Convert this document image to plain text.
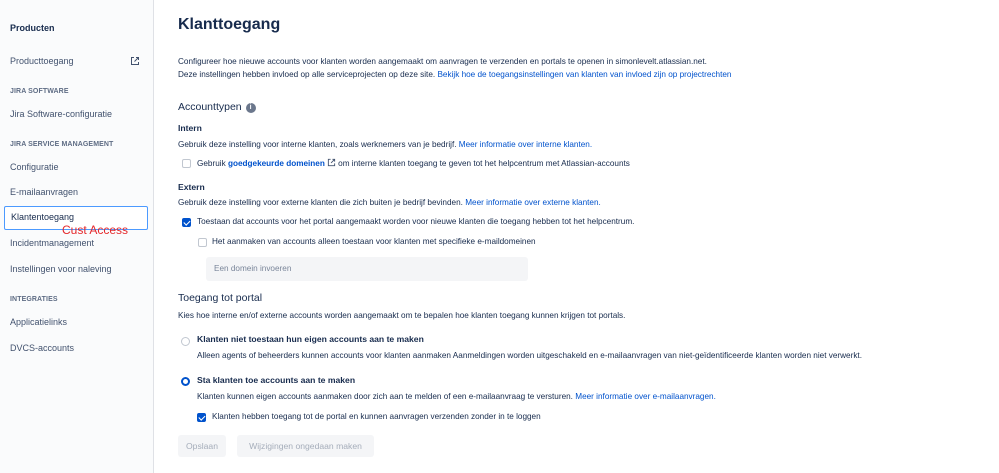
Producten
Producttoegang
JIRA SOFTWARE
Jira Software-configuratie
JIRA SERVICE MANAGEMENT
Configuratie
E-mailaanvragen
Klantentoegang
Incidentmanagement
Instellingen voor naleving
INTEGRATIES
Applicatielinks
DVCS-accounts
Cust Access
Klanttoegang
Configureer hoe nieuwe accounts voor klanten worden aangemaakt om aanvragen te verzenden en portals te openen in simonlevelt.atlassian.net.
Deze instellingen hebben invloed op alle serviceprojecten op deze site. Bekijk hoe de toegangsinstellingen van klanten van invloed zijn op projectrechten
Accounttypen i
Intern
Gebruik deze instelling voor interne klanten, zoals werknemers van je bedrijf. Meer informatie over interne klanten.
Gebruik goedgekeurde domeinen om interne klanten toegang te geven tot het helpcentrum met Atlassian-accounts
Extern
Gebruik deze instelling voor externe klanten die zich buiten je bedrijf bevinden. Meer informatie over externe klanten.
Toestaan dat accounts voor het portal aangemaakt worden voor nieuwe klanten die toegang hebben tot het helpcentrum.
Het aanmaken van accounts alleen toestaan voor klanten met specifieke e-maildomeinen
Een domein invoeren
Toegang tot portal
Kies hoe interne en/of externe accounts worden aangemaakt om te bepalen hoe klanten toegang kunnen krijgen tot portals.
Klanten niet toestaan hun eigen accounts aan te maken
Alleen agents of beheerders kunnen accounts voor klanten aanmaken Aanmeldingen worden uitgeschakeld en e-mailaanvragen van niet-geïdentificeerde klanten worden niet verwerkt.
Sta klanten toe accounts aan te maken
Klanten kunnen eigen accounts aanmaken door zich aan te melden of een e-mailaanvraag te versturen. Meer informatie over e-mailaanvragen.
Klanten hebben toegang tot de portal en kunnen aanvragen verzenden zonder in te loggen
Opslaan	Wijzigingen ongedaan maken
